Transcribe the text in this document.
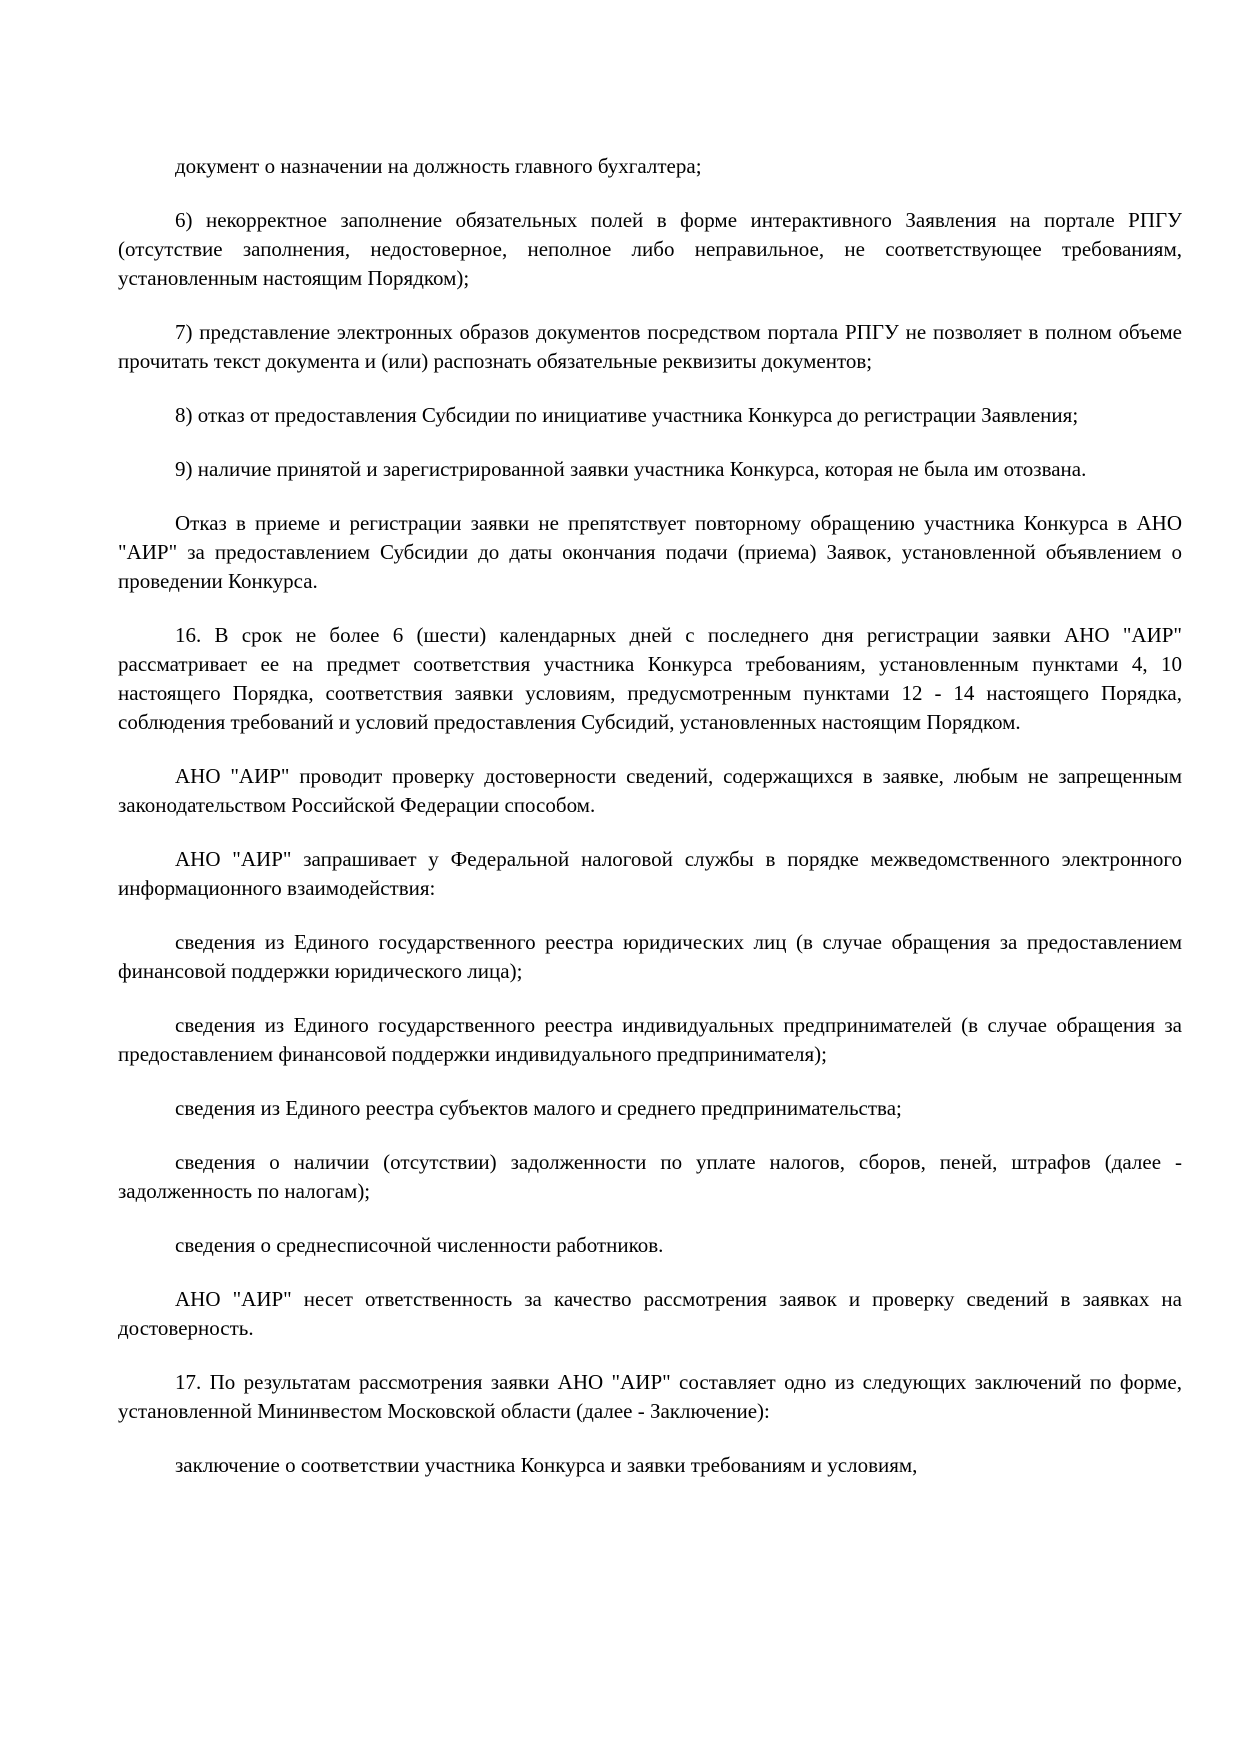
документ о назначении на должность главного бухгалтера;

6) некорректное заполнение обязательных полей в форме интерактивного Заявления на портале РПГУ (отсутствие заполнения, недостоверное, неполное либо неправильное, не соответствующее требованиям, установленным настоящим Порядком);

7) представление электронных образов документов посредством портала РПГУ не позволяет в полном объеме прочитать текст документа и (или) распознать обязательные реквизиты документов;

8) отказ от предоставления Субсидии по инициативе участника Конкурса до регистрации Заявления;

9) наличие принятой и зарегистрированной заявки участника Конкурса, которая не была им отозвана.

Отказ в приеме и регистрации заявки не препятствует повторному обращению участника Конкурса в АНО "АИР" за предоставлением Субсидии до даты окончания подачи (приема) Заявок, установленной объявлением о проведении Конкурса.

16. В срок не более 6 (шести) календарных дней с последнего дня регистрации заявки АНО "АИР" рассматривает ее на предмет соответствия участника Конкурса требованиям, установленным пунктами 4, 10 настоящего Порядка, соответствия заявки условиям, предусмотренным пунктами 12 - 14 настоящего Порядка, соблюдения требований и условий предоставления Субсидий, установленных настоящим Порядком.

АНО "АИР" проводит проверку достоверности сведений, содержащихся в заявке, любым не запрещенным законодательством Российской Федерации способом.

АНО "АИР" запрашивает у Федеральной налоговой службы в порядке межведомственного электронного информационного взаимодействия:

сведения из Единого государственного реестра юридических лиц (в случае обращения за предоставлением финансовой поддержки юридического лица);

сведения из Единого государственного реестра индивидуальных предпринимателей (в случае обращения за предоставлением финансовой поддержки индивидуального предпринимателя);

сведения из Единого реестра субъектов малого и среднего предпринимательства;

сведения о наличии (отсутствии) задолженности по уплате налогов, сборов, пеней, штрафов (далее - задолженность по налогам);

сведения о среднесписочной численности работников.

АНО "АИР" несет ответственность за качество рассмотрения заявок и проверку сведений в заявках на достоверность.

17. По результатам рассмотрения заявки АНО "АИР" составляет одно из следующих заключений по форме, установленной Мининвестом Московской области (далее - Заключение):

заключение о соответствии участника Конкурса и заявки требованиям и условиям,
